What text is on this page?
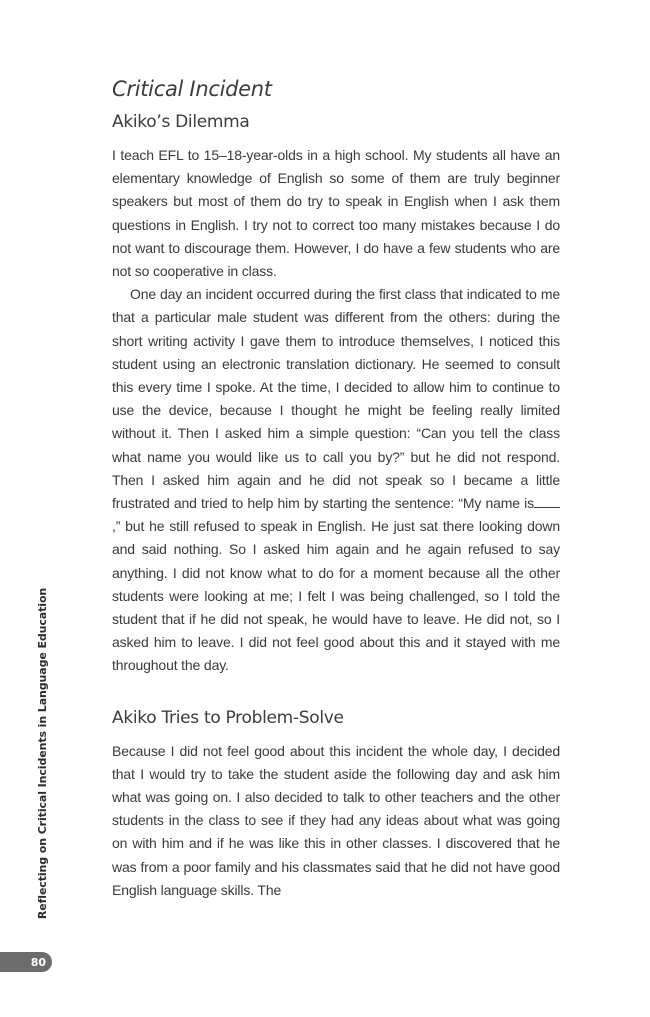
Critical Incident
Akiko’s Dilemma

I teach EFL to 15–18-year-olds in a high school. My students all have an elementary knowledge of English so some of them are truly beginner speakers but most of them do try to speak in English when I ask them questions in English. I try not to correct too many mistakes because I do not want to discourage them. However, I do have a few students who are not so cooperative in class.

One day an incident occurred during the first class that indicated to me that a particular male student was different from the others: during the short writing activity I gave them to introduce themselves, I noticed this student using an electronic translation dictionary. He seemed to consult this every time I spoke. At the time, I decided to allow him to continue to use the device, because I thought he might be feeling really limited without it. Then I asked him a simple question: “Can you tell the class what name you would like us to call you by?” but he did not respond. Then I asked him again and he did not speak so I became a little frustrated and tried to help him by starting the sentence: “My name is,” but he still refused to speak in English. He just sat there looking down and said nothing. So I asked him again and he again refused to say anything. I did not know what to do for a moment because all the other students were looking at me; I felt I was being challenged, so I told the student that if he did not speak, he would have to leave. He did not, so I asked him to leave. I did not feel good about this and it stayed with me throughout the day.

Akiko Tries to Problem-Solve

Because I did not feel good about this incident the whole day, I decided that I would try to take the student aside the following day and ask him what was going on. I also decided to talk to other teachers and the other students in the class to see if they had any ideas about what was going on with him and if he was like this in other classes. I discovered that he was from a poor family and his classmates said that he did not have good English language skills. The

Reflecting on Critical Incidents in Language Education
80
